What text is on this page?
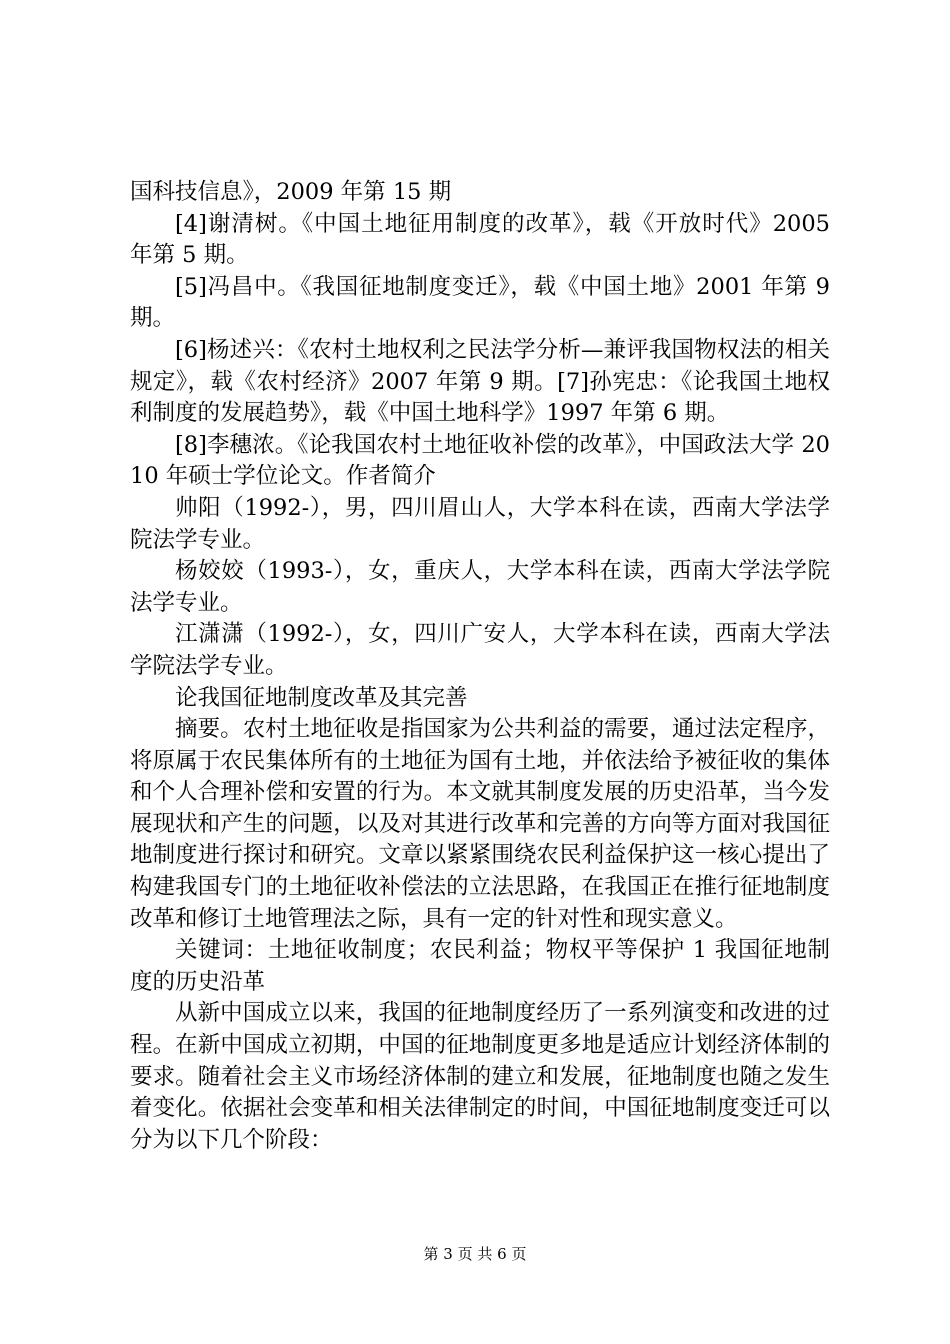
国科技信息》，2009 年第 15 期

[4]谢清树。《中国土地征用制度的改革》，载《开放时代》2005 年第 5 期。

[5]冯昌中。《我国征地制度变迁》，载《中国土地》2001 年第 9 期。

[6]杨述兴：《农村土地权利之民法学分析—兼评我国物权法的相关规定》，载《农村经济》2007 年第 9 期。[7]孙宪忠：《论我国土地权利制度的发展趋势》，载《中国土地科学》1997 年第 6 期。

[8]李穗浓。《论我国农村土地征收补偿的改革》，中国政法大学 2010 年硕士学位论文。作者简介

帅阳（1992-），男，四川眉山人，大学本科在读，西南大学法学院法学专业。

杨姣姣（1993-），女，重庆人，大学本科在读，西南大学法学院法学专业。

江潇潇（1992-），女，四川广安人，大学本科在读，西南大学法学院法学专业。

论我国征地制度改革及其完善

摘要。农村土地征收是指国家为公共利益的需要，通过法定程序，将原属于农民集体所有的土地征为国有土地，并依法给予被征收的集体和个人合理补偿和安置的行为。本文就其制度发展的历史沿革，当今发展现状和产生的问题，以及对其进行改革和完善的方向等方面对我国征地制度进行探讨和研究。文章以紧紧围绕农民利益保护这一核心提出了构建我国专门的土地征收补偿法的立法思路，在我国正在推行征地制度改革和修订土地管理法之际，具有一定的针对性和现实意义。

关键词：土地征收制度；农民利益；物权平等保护 1 我国征地制度的历史沿革

从新中国成立以来，我国的征地制度经历了一系列演变和改进的过程。在新中国成立初期，中国的征地制度更多地是适应计划经济体制的要求。随着社会主义市场经济体制的建立和发展，征地制度也随之发生着变化。依据社会变革和相关法律制定的时间，中国征地制度变迁可以分为以下几个阶段：

第 3 页 共 6 页
